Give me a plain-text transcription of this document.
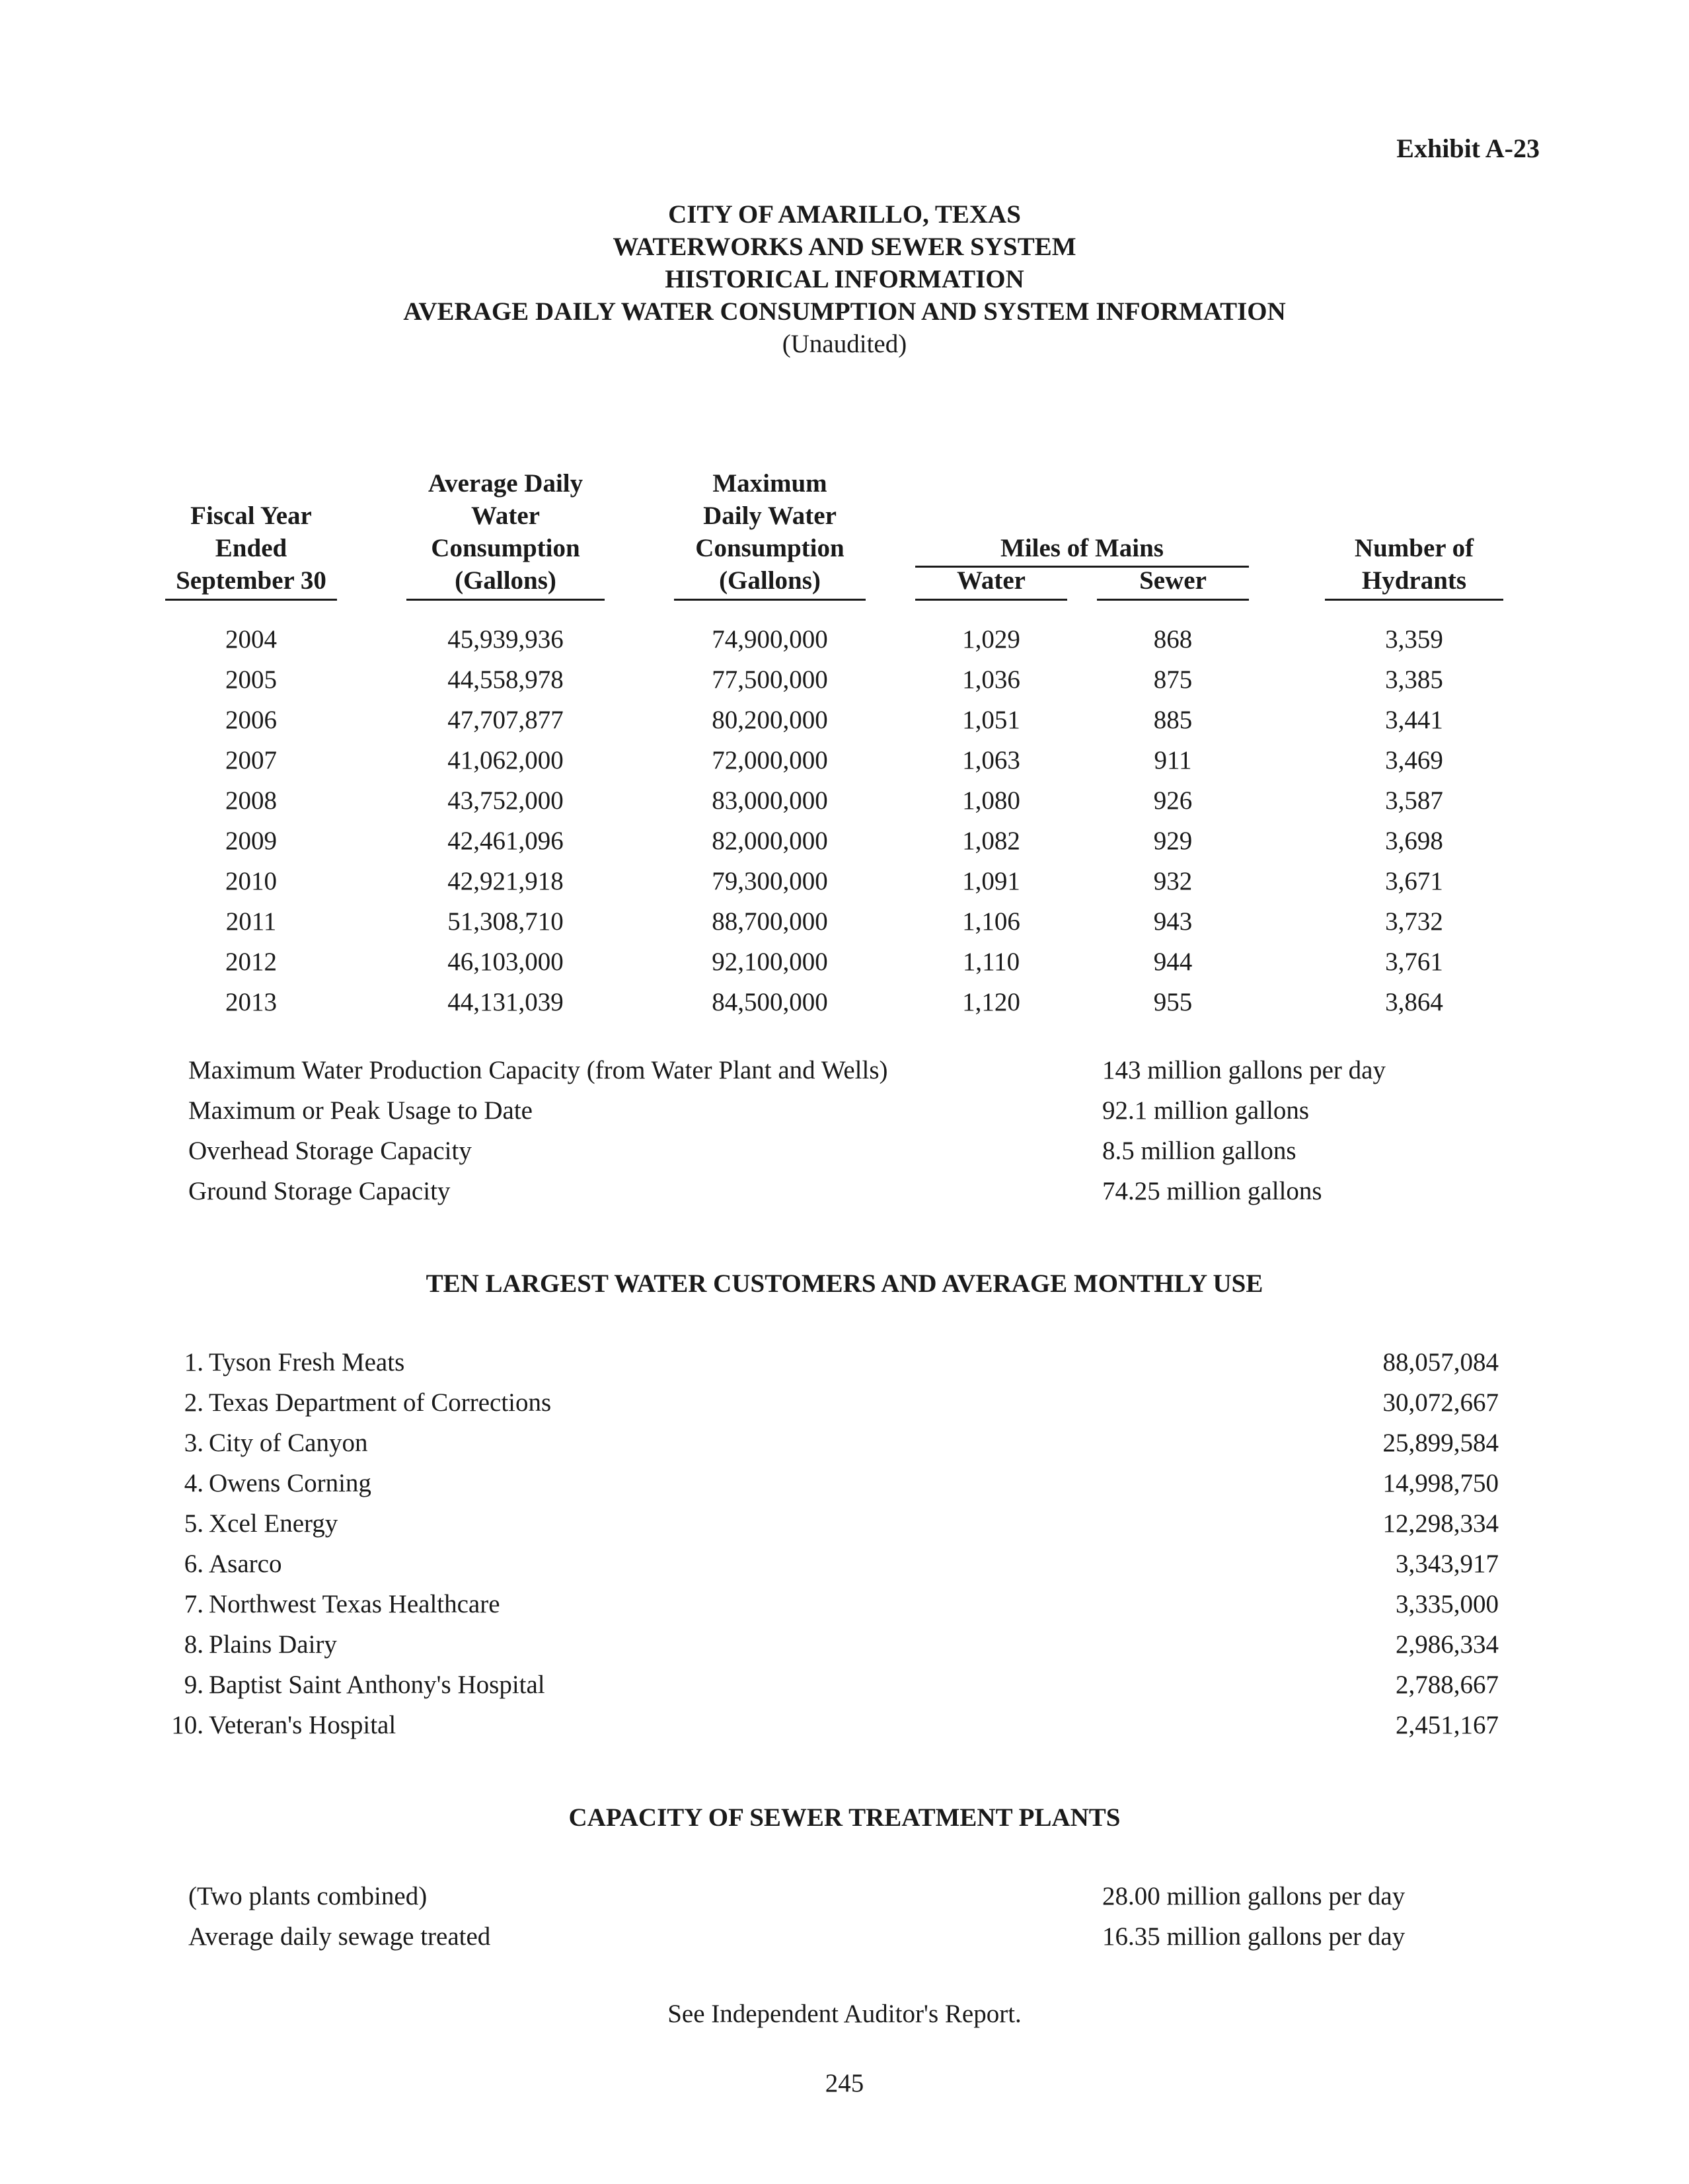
Exhibit A-23
CITY OF AMARILLO, TEXAS
WATERWORKS AND SEWER SYSTEM
HISTORICAL INFORMATION
AVERAGE DAILY WATER CONSUMPTION AND SYSTEM INFORMATION
(Unaudited)
Fiscal Year
Ended
September 30
Average Daily
Water
Consumption
(Gallons)
Maximum
Daily Water
Consumption
(Gallons)
Miles of Mains
Water	Sewer
Number of
Hydrants
2004	45,939,936	74,900,000	1,029	868	3,359
2005	44,558,978	77,500,000	1,036	875	3,385
2006	47,707,877	80,200,000	1,051	885	3,441
2007	41,062,000	72,000,000	1,063	911	3,469
2008	43,752,000	83,000,000	1,080	926	3,587
2009	42,461,096	82,000,000	1,082	929	3,698
2010	42,921,918	79,300,000	1,091	932	3,671
2011	51,308,710	88,700,000	1,106	943	3,732
2012	46,103,000	92,100,000	1,110	944	3,761
2013	44,131,039	84,500,000	1,120	955	3,864
Maximum Water Production Capacity (from Water Plant and Wells)	143 million gallons per day
Maximum or Peak Usage to Date	92.1 million gallons
Overhead Storage Capacity	8.5 million gallons
Ground Storage Capacity	74.25 million gallons
TEN LARGEST WATER CUSTOMERS AND AVERAGE MONTHLY USE
1. Tyson Fresh Meats	88,057,084
2. Texas Department of Corrections	30,072,667
3. City of Canyon	25,899,584
4. Owens Corning	14,998,750
5. Xcel Energy	12,298,334
6. Asarco	3,343,917
7. Northwest Texas Healthcare	3,335,000
8. Plains Dairy	2,986,334
9. Baptist Saint Anthony's Hospital	2,788,667
10. Veteran's Hospital	2,451,167
CAPACITY OF SEWER TREATMENT PLANTS
(Two plants combined)	28.00 million gallons per day
Average daily sewage treated	16.35 million gallons per day
See Independent Auditor's Report.
245
